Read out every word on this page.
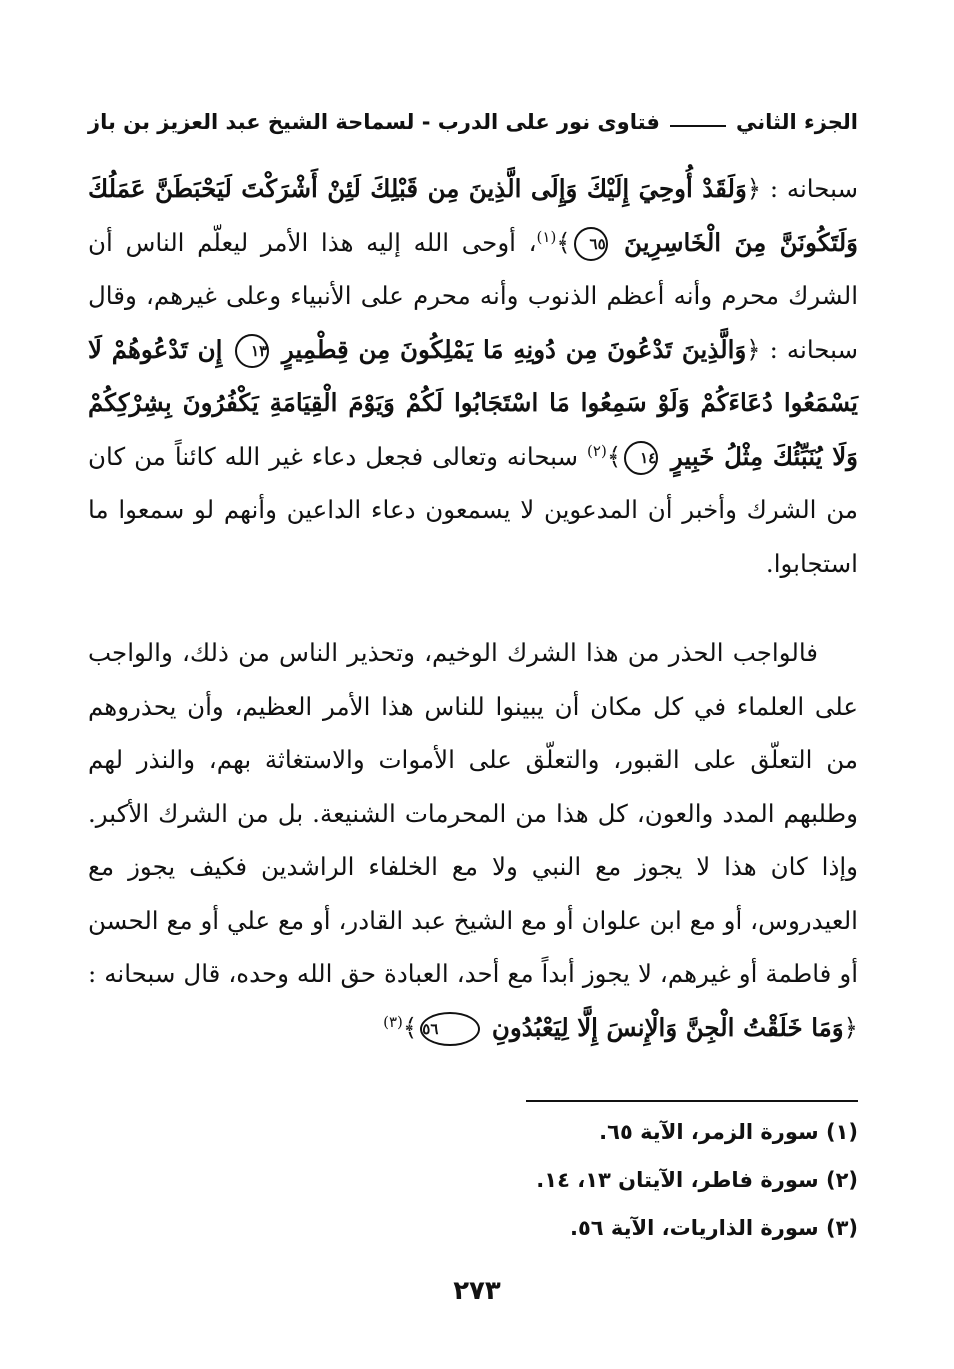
الجزء الثاني
فتاوى نور على الدرب - لسماحة الشيخ عبد العزيز بن باز

سبحانه : ﴿وَلَقَدْ أُوحِيَ إِلَيْكَ وَإِلَى الَّذِينَ مِن قَبْلِكَ لَئِنْ أَشْرَكْتَ لَيَحْبَطَنَّ عَمَلُكَ وَلَتَكُونَنَّ مِنَ الْخَاسِرِينَ ٦٥﴾$^{(١)}$، أوحى الله إليه هذا الأمر ليعلّم الناس أن الشرك محرم وأنه أعظم الذنوب وأنه محرم على الأنبياء وعلى غيرهم، وقال سبحانه : ﴿وَالَّذِينَ تَدْعُونَ مِن دُونِهِ مَا يَمْلِكُونَ مِن قِطْمِيرٍ ١٣ إِن تَدْعُوهُمْ لَا يَسْمَعُوا دُعَاءَكُمْ وَلَوْ سَمِعُوا مَا اسْتَجَابُوا لَكُمْ وَيَوْمَ الْقِيَامَةِ يَكْفُرُونَ بِشِرْكِكُمْ وَلَا يُنَبِّئُكَ مِثْلُ خَبِيرٍ ١٤﴾$^{(٢)}$ سبحانه وتعالى فجعل دعاء غير الله كائناً من كان من الشرك وأخبر أن المدعوين لا يسمعون دعاء الداعين وأنهم لو سمعوا ما استجابوا.

فالواجب الحذر من هذا الشرك الوخيم، وتحذير الناس من ذلك، والواجب على العلماء في كل مكان أن يبينوا للناس هذا الأمر العظيم، وأن يحذروهم من التعلّق على القبور، والتعلّق على الأموات والاستغاثة بهم، والنذر لهم وطلبهم المدد والعون، كل هذا من المحرمات الشنيعة. بل من الشرك الأكبر. وإذا كان هذا لا يجوز مع النبي ولا مع الخلفاء الراشدين فكيف يجوز مع العيدروس، أو مع ابن علوان أو مع الشيخ عبد القادر، أو مع علي أو مع الحسن أو فاطمة أو غيرهم، لا يجوز أبداً مع أحد، العبادة حق الله وحده، قال سبحانه : ﴿وَمَا خَلَقْتُ الْجِنَّ وَالْإِنسَ إِلَّا لِيَعْبُدُونِ ٥٦﴾$^{(٣)}$

(١) سورة الزمر، الآية ٦٥.
(٢) سورة فاطر، الآيتان ١٣، ١٤.
(٣) سورة الذاريات، الآية ٥٦.
٢٧٣
